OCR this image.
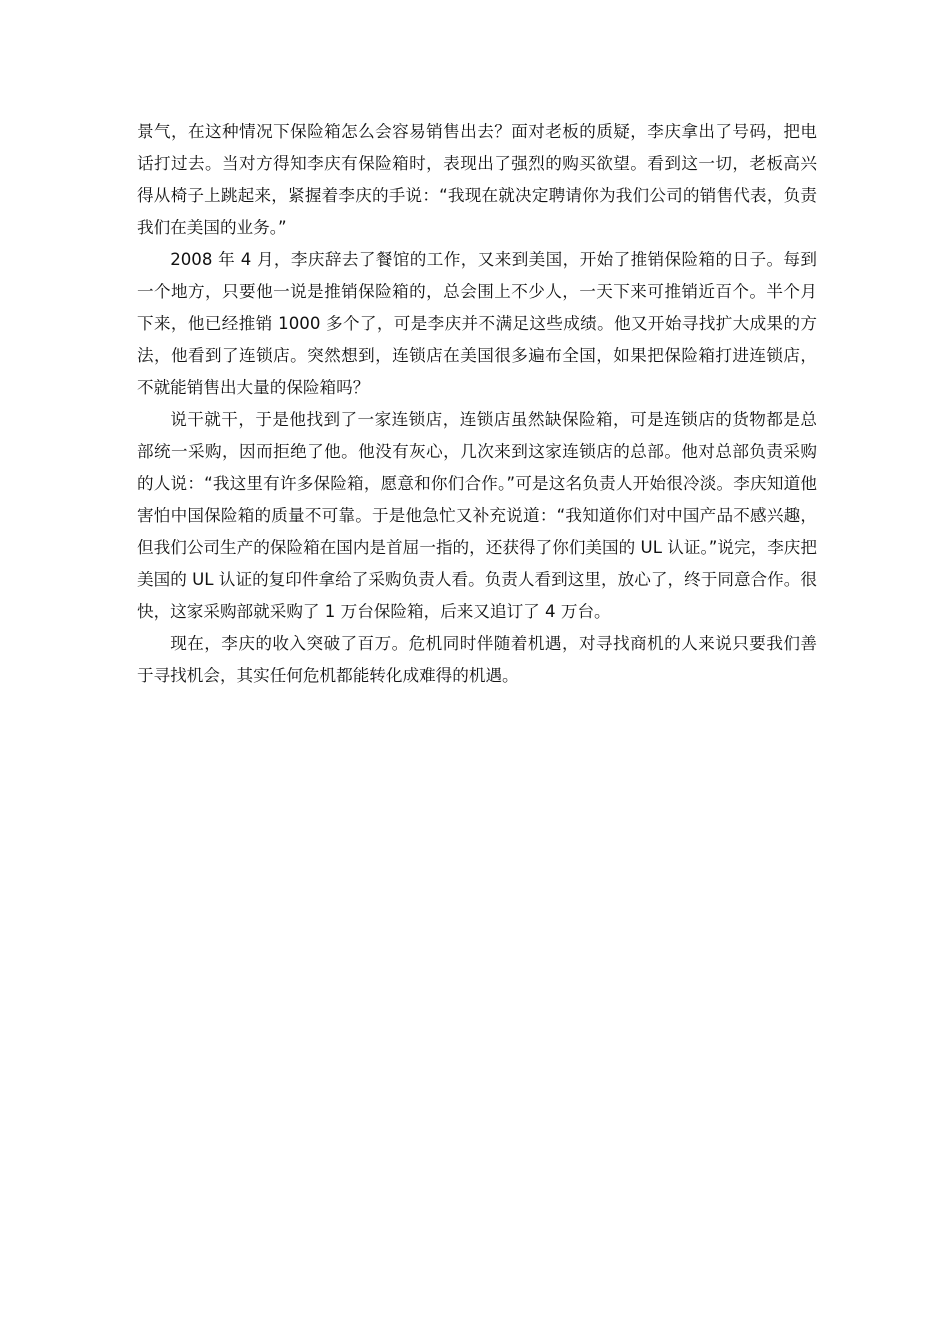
景气，在这种情况下保险箱怎么会容易销售出去？面对老板的质疑，李庆拿出了号码，把电话打过去。当对方得知李庆有保险箱时，表现出了强烈的购买欲望。看到这一切，老板高兴得从椅子上跳起来，紧握着李庆的手说：“我现在就决定聘请你为我们公司的销售代表，负责我们在美国的业务。”

2008 年 4 月，李庆辞去了餐馆的工作，又来到美国，开始了推销保险箱的日子。每到一个地方，只要他一说是推销保险箱的，总会围上不少人，一天下来可推销近百个。半个月下来，他已经推销 1000 多个了，可是李庆并不满足这些成绩。他又开始寻找扩大成果的方法，他看到了连锁店。突然想到，连锁店在美国很多遍布全国，如果把保险箱打进连锁店，不就能销售出大量的保险箱吗？

说干就干，于是他找到了一家连锁店，连锁店虽然缺保险箱，可是连锁店的货物都是总部统一采购，因而拒绝了他。他没有灰心，几次来到这家连锁店的总部。他对总部负责采购的人说：“我这里有许多保险箱，愿意和你们合作。”可是这名负责人开始很冷淡。李庆知道他害怕中国保险箱的质量不可靠。于是他急忙又补充说道：“我知道你们对中国产品不感兴趣，但我们公司生产的保险箱在国内是首屈一指的，还获得了你们美国的 UL 认证。”说完，李庆把美国的 UL 认证的复印件拿给了采购负责人看。负责人看到这里，放心了，终于同意合作。很快，这家采购部就采购了 1 万台保险箱，后来又追订了 4 万台。

现在，李庆的收入突破了百万。危机同时伴随着机遇，对寻找商机的人来说只要我们善于寻找机会，其实任何危机都能转化成难得的机遇。
